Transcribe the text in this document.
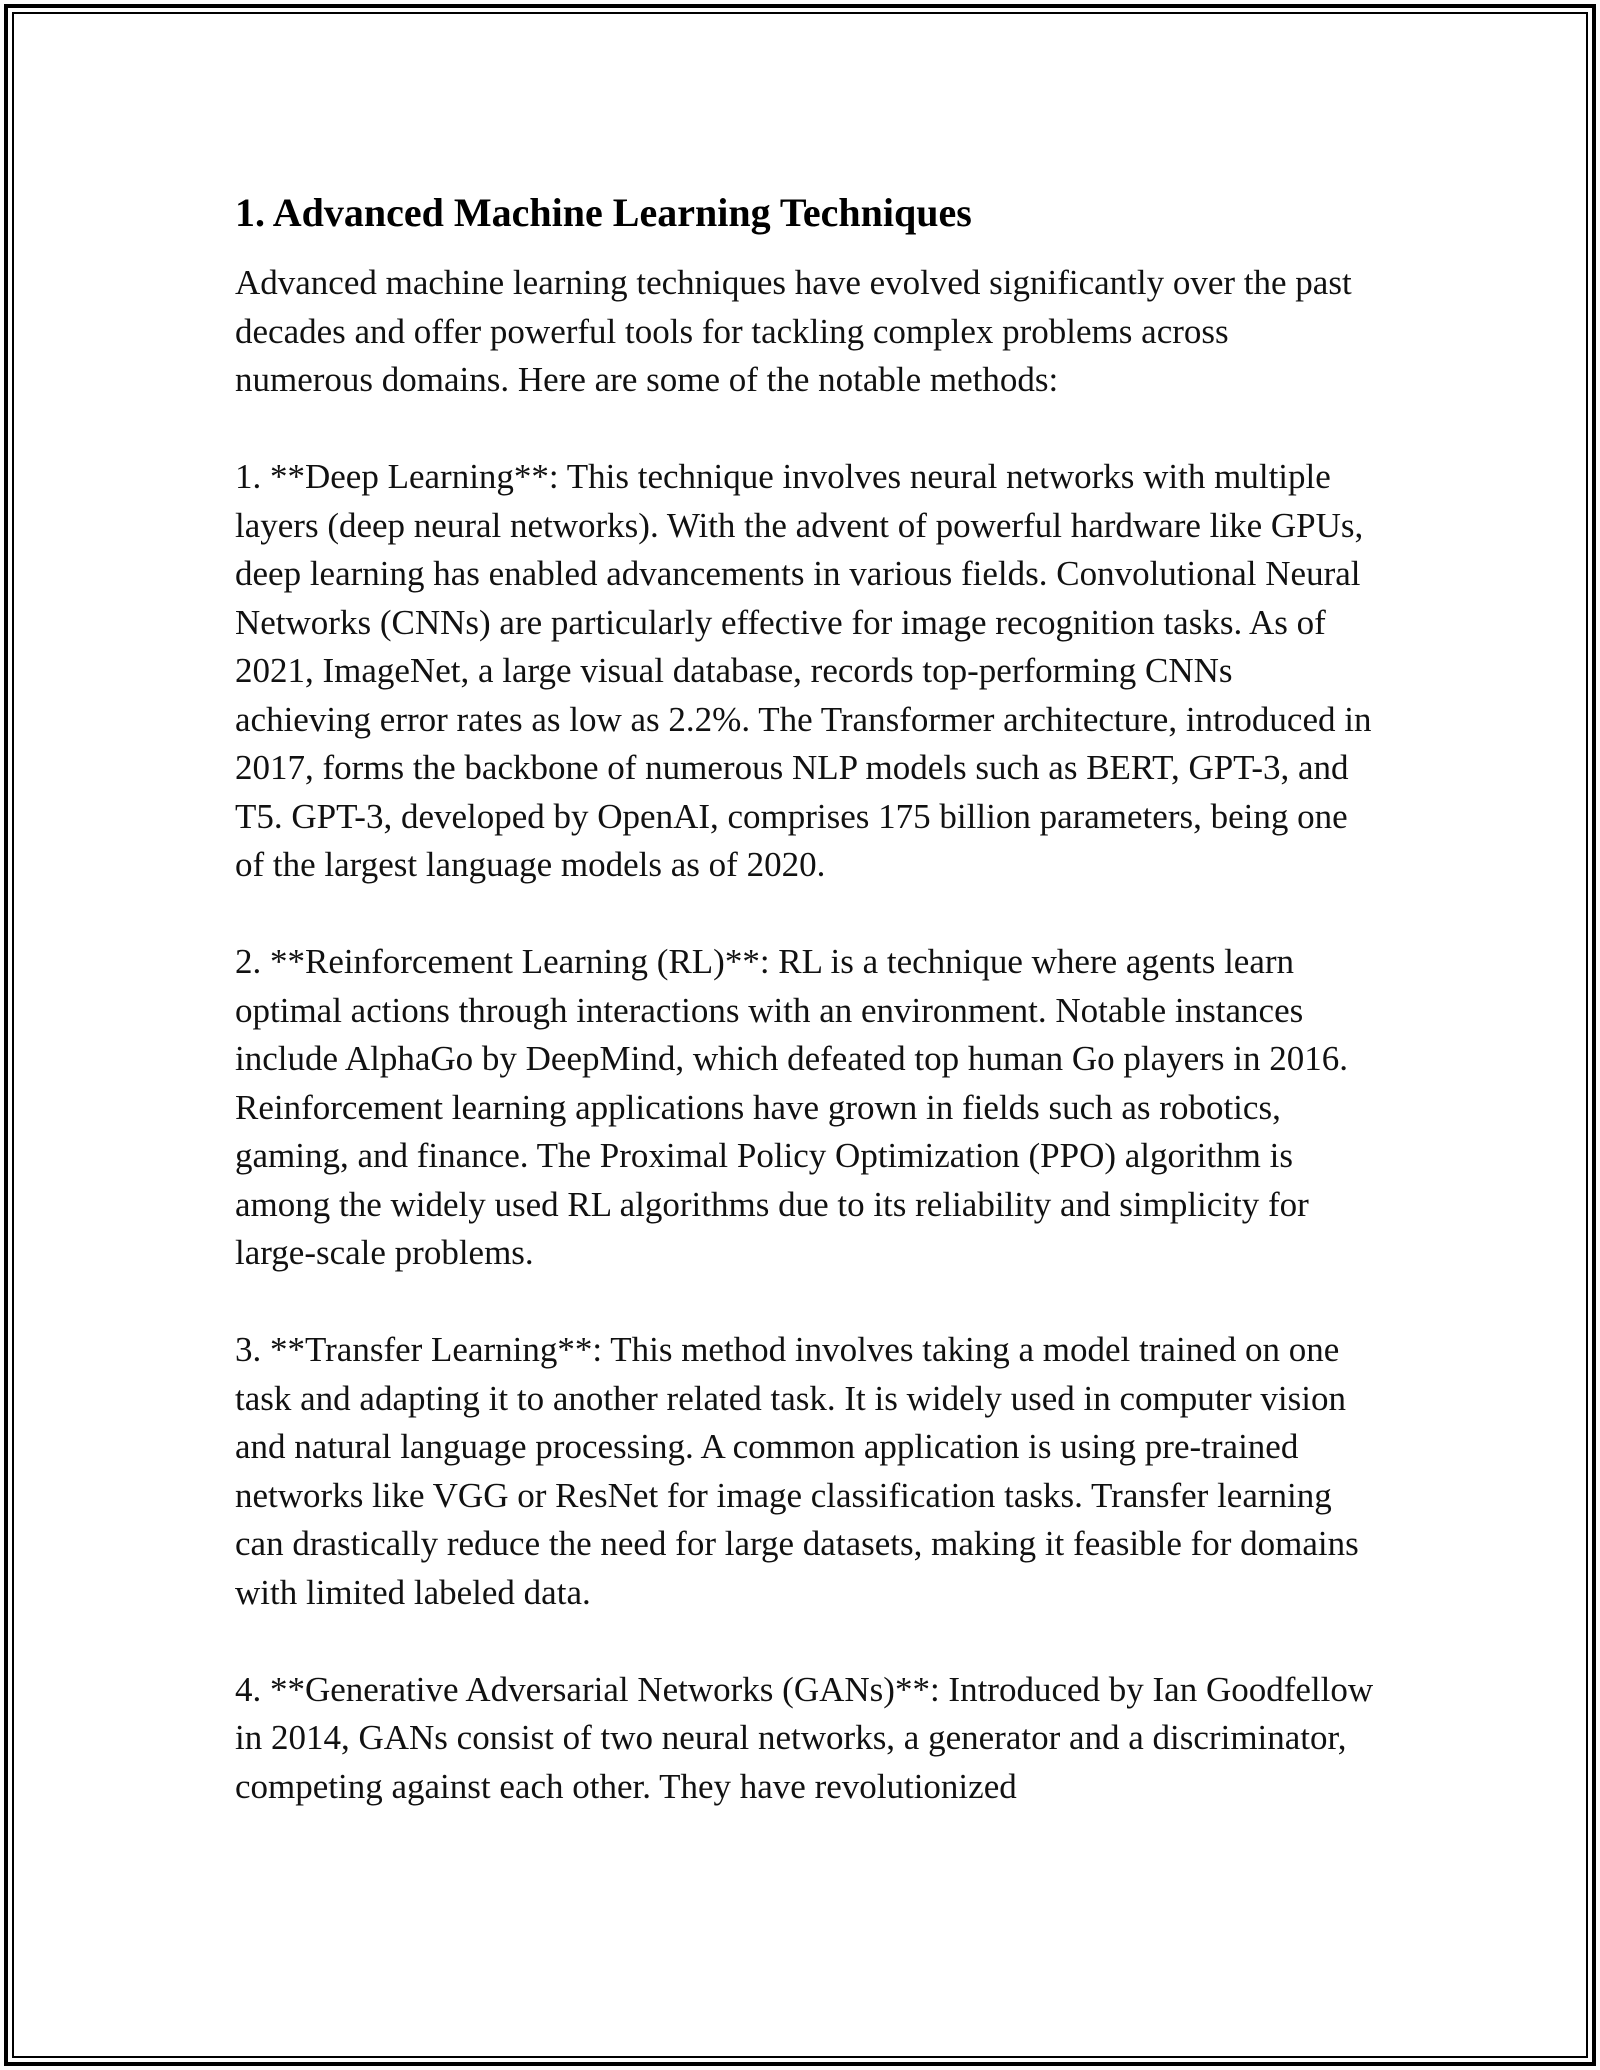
1. Advanced Machine Learning Techniques

Advanced machine learning techniques have evolved significantly over the past decades and offer powerful tools for tackling complex problems across numerous domains. Here are some of the notable methods:

1. **Deep Learning**: This technique involves neural networks with multiple layers (deep neural networks). With the advent of powerful hardware like GPUs, deep learning has enabled advancements in various fields. Convolutional Neural Networks (CNNs) are particularly effective for image recognition tasks. As of 2021, ImageNet, a large visual database, records top-performing CNNs achieving error rates as low as 2.2%. The Transformer architecture, introduced in 2017, forms the backbone of numerous NLP models such as BERT, GPT-3, and T5. GPT-3, developed by OpenAI, comprises 175 billion parameters, being one of the largest language models as of 2020.

2. **Reinforcement Learning (RL)**: RL is a technique where agents learn optimal actions through interactions with an environment. Notable instances include AlphaGo by DeepMind, which defeated top human Go players in 2016. Reinforcement learning applications have grown in fields such as robotics, gaming, and finance. The Proximal Policy Optimization (PPO) algorithm is among the widely used RL algorithms due to its reliability and simplicity for large-scale problems.

3. **Transfer Learning**: This method involves taking a model trained on one task and adapting it to another related task. It is widely used in computer vision and natural language processing. A common application is using pre-trained networks like VGG or ResNet for image classification tasks. Transfer learning can drastically reduce the need for large datasets, making it feasible for domains with limited labeled data.

4. **Generative Adversarial Networks (GANs)**: Introduced by Ian Goodfellow in 2014, GANs consist of two neural networks, a generator and a discriminator, competing against each other. They have revolutionized
